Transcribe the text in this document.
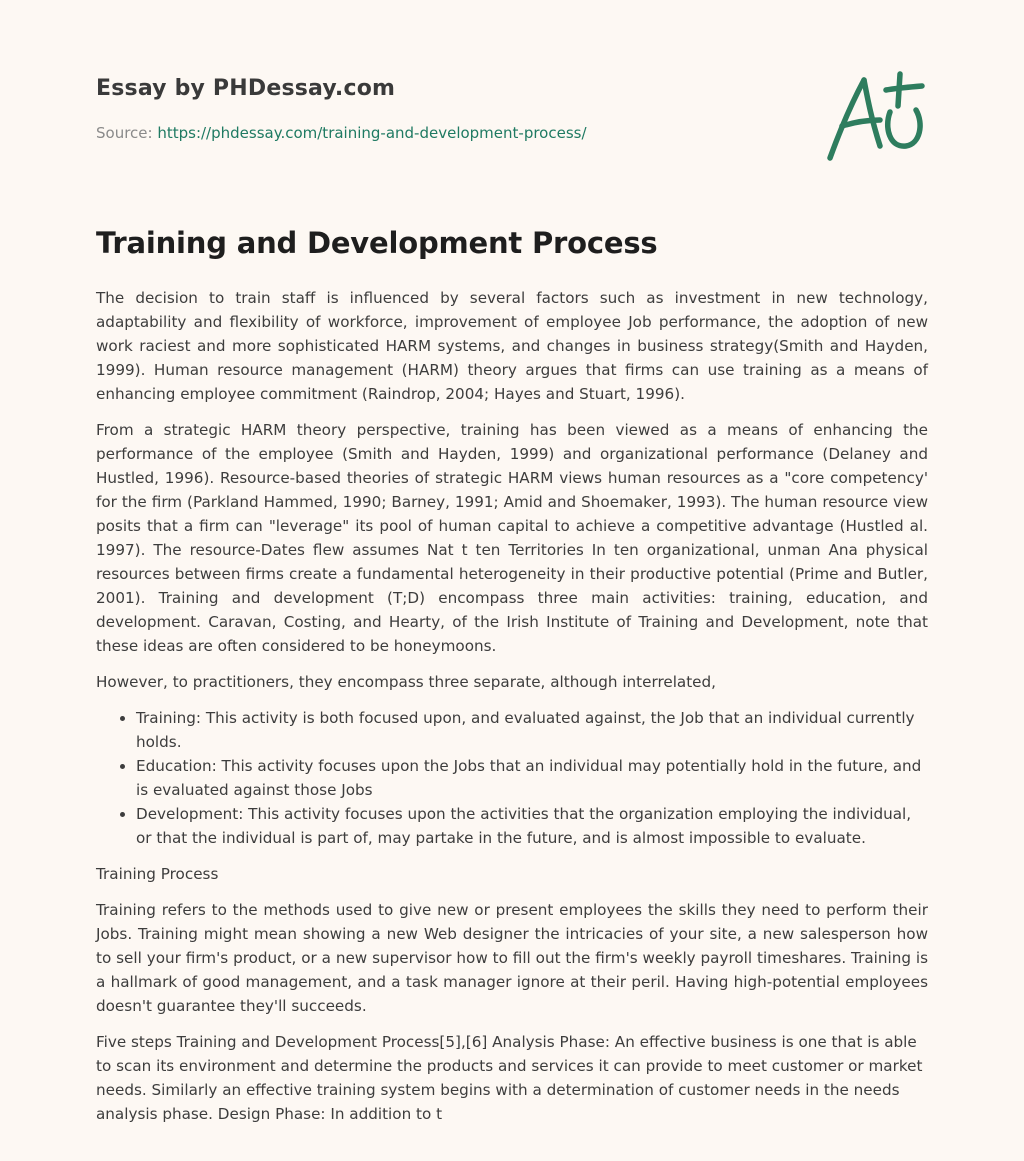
Essay by PHDessay.com
Source: https://phdessay.com/training-and-development-process/
Training and Development Process

The decision to train staff is influenced by several factors such as investment in new technology, adaptability and flexibility of workforce, improvement of employee Job performance, the adoption of new work raciest and more sophisticated HARM systems, and changes in business strategy(Smith and Hayden, 1999). Human resource management (HARM) theory argues that firms can use training as a means of enhancing employee commitment (Raindrop, 2004; Hayes and Stuart, 1996).

From a strategic HARM theory perspective, training has been viewed as a means of enhancing the performance of the employee (Smith and Hayden, 1999) and organizational performance (Delaney and Hustled, 1996). Resource-based theories of strategic HARM views human resources as a "core competency' for the firm (Parkland Hammed, 1990; Barney, 1991; Amid and Shoemaker, 1993). The human resource view posits that a firm can "leverage" its pool of human capital to achieve a competitive advantage (Hustled al. 1997). The resource-Dates flew assumes Nat t ten Territories In ten organizational, unman Ana physical resources between firms create a fundamental heterogeneity in their productive potential (Prime and Butler, 2001). Training and development (T;D) encompass three main activities: training, education, and development. Caravan, Costing, and Hearty, of the Irish Institute of Training and Development, note that these ideas are often considered to be honeymoons.

However, to practitioners, they encompass three separate, although interrelated,

• Training: This activity is both focused upon, and evaluated against, the Job that an individual currently holds.
• Education: This activity focuses upon the Jobs that an individual may potentially hold in the future, and is evaluated against those Jobs
• Development: This activity focuses upon the activities that the organization employing the individual, or that the individual is part of, may partake in the future, and is almost impossible to evaluate.

Training Process

Training refers to the methods used to give new or present employees the skills they need to perform their Jobs. Training might mean showing a new Web designer the intricacies of your site, a new salesperson how to sell your firm's product, or a new supervisor how to fill out the firm's weekly payroll timeshares. Training is a hallmark of good management, and a task manager ignore at their peril. Having high-potential employees doesn't guarantee they'll succeeds.

Five steps Training and Development Process[5],[6] Analysis Phase: An effective business is one that is able to scan its environment and determine the products and services it can provide to meet customer or market needs. Similarly an effective training system begins with a determination of customer needs in the needs analysis phase. Design Phase: In addition to t
